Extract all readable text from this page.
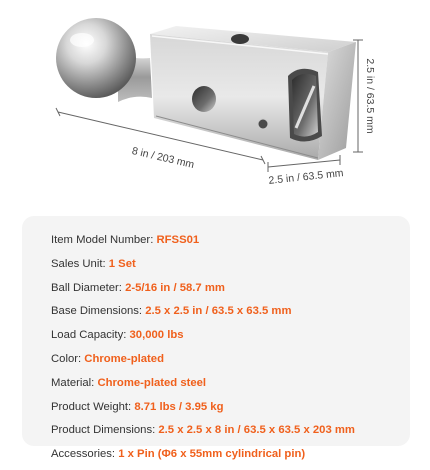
2.5 in / 63.5 mm
8 in / 203 mm
2.5 in / 63.5 mm
Item Model Number: RFSS01
Sales Unit: 1 Set
Ball Diameter: 2-5/16 in / 58.7 mm
Base Dimensions: 2.5 x 2.5 in / 63.5 x 63.5 mm
Load Capacity: 30,000 lbs
Color: Chrome-plated
Material: Chrome-plated steel
Product Weight: 8.71 lbs / 3.95 kg
Product Dimensions: 2.5 x 2.5 x 8 in / 63.5 x 63.5 x 203 mm
Accessories: 1 x Pin (Φ6 x 55mm cylindrical pin)
